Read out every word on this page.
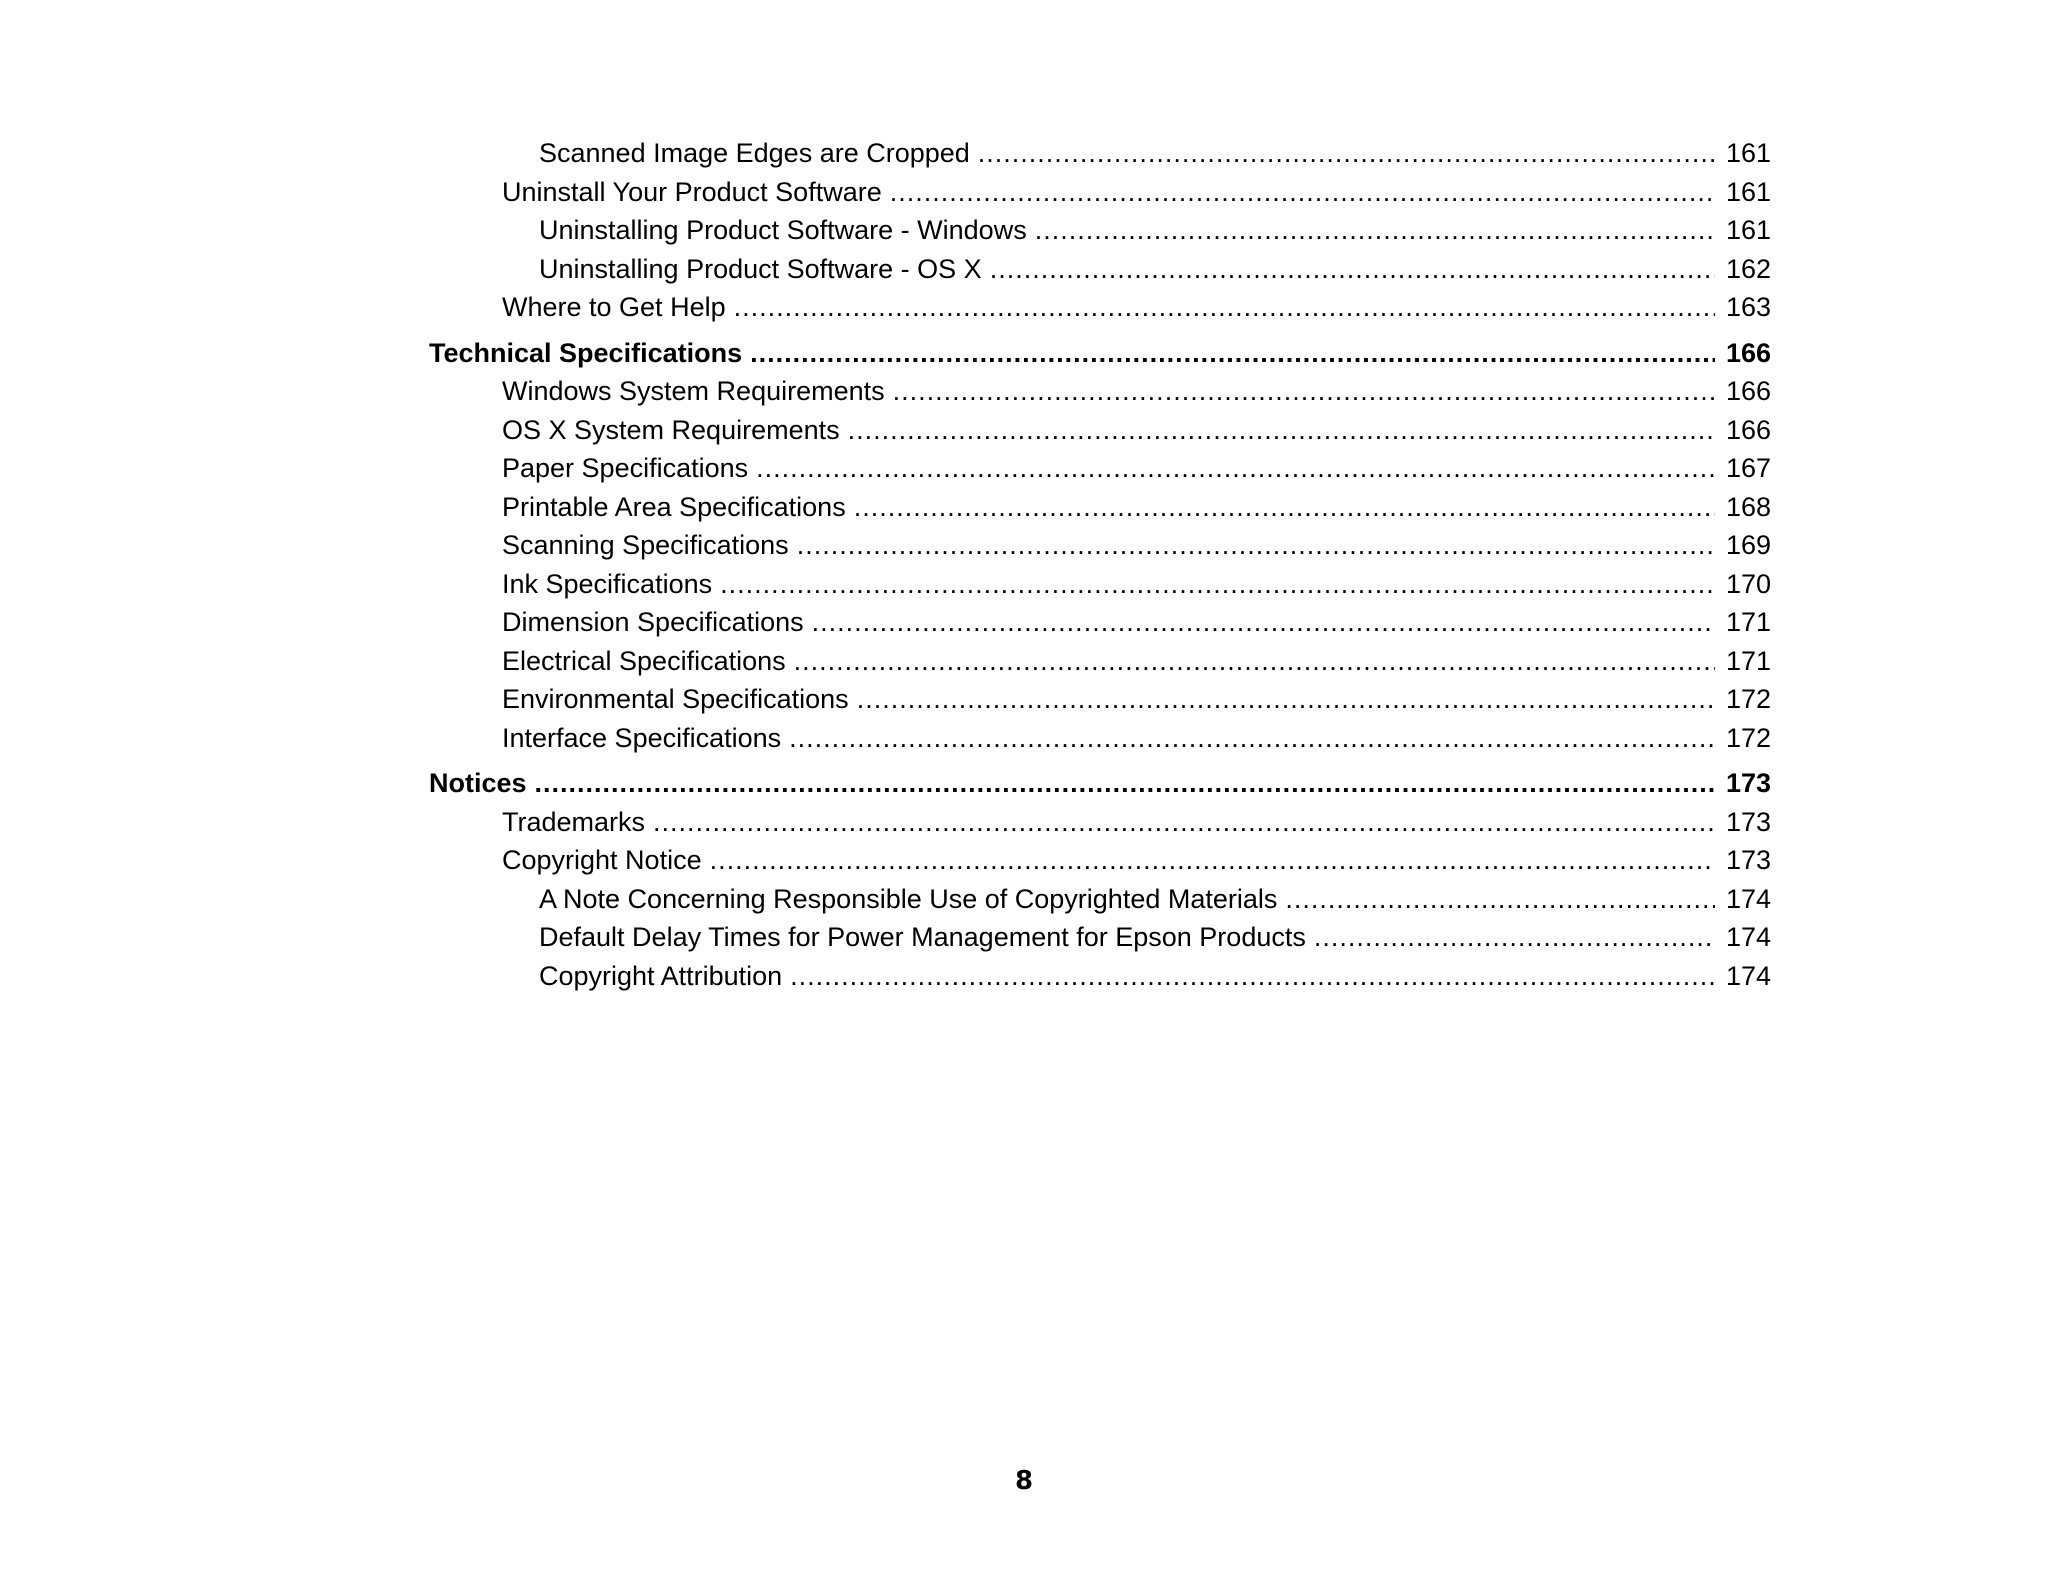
Scanned Image Edges are Cropped .....	161
Uninstall Your Product Software .....	161
Uninstalling Product Software - Windows .....	161
Uninstalling Product Software - OS X .....	162
Where to Get Help .....	163
Technical Specifications .....	166
Windows System Requirements .....	166
OS X System Requirements .....	166
Paper Specifications .....	167
Printable Area Specifications .....	168
Scanning Specifications .....	169
Ink Specifications .....	170
Dimension Specifications .....	171
Electrical Specifications .....	171
Environmental Specifications .....	172
Interface Specifications .....	172
Notices .....	173
Trademarks .....	173
Copyright Notice .....	173
A Note Concerning Responsible Use of Copyrighted Materials .....	174
Default Delay Times for Power Management for Epson Products .....	174
Copyright Attribution .....	174
8
